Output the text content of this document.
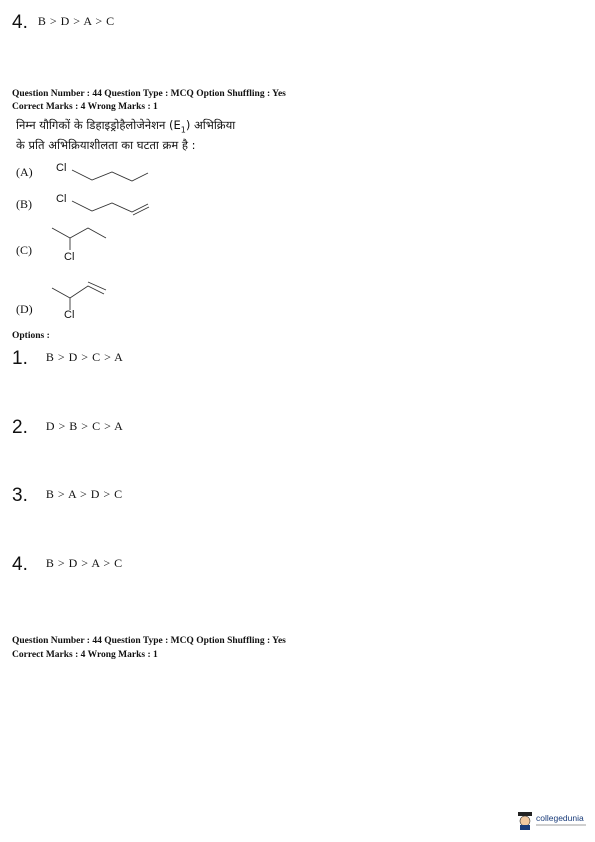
4. B > D > A > C
Question Number : 44 Question Type : MCQ Option Shuffling : Yes
Correct Marks : 4 Wrong Marks : 1
निम्न यौगिकों के डिहाइड्रोहैलोजेनेशन $(E_1)$ अभिक्रिया
के प्रति अभिक्रियाशीलता का घटता क्रम है :
(A) Cl
(B) Cl
(C)	Cl
(D)	Cl
Options :
1. B > D > C > A
2. D > B > C > A
3. B > A > D > C
4. B > D > A > C
Question Number : 44 Question Type : MCQ Option Shuffling : Yes
Correct Marks : 4 Wrong Marks : 1
collegedunia
